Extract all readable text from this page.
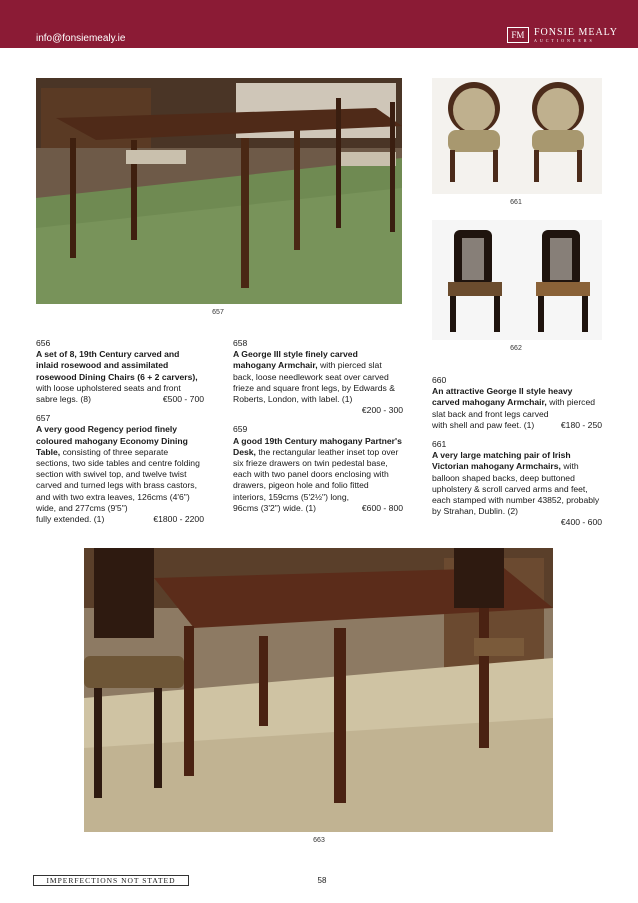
info@fonsiemealy.ie	FM FONSIE MEALY
AUCTIONEERS
657
661
662
656
A set of 8, 19th Century carved and inlaid rosewood and assimilated rosewood Dining Chairs (6 + 2 carvers), with loose upholstered seats and front
sabre legs. (8)	€500 - 700
657
A very good Regency period finely coloured mahogany Economy Dining Table, consisting of three separate sections, two side tables and centre folding section with swivel top, and twelve twist carved and turned legs with brass castors, and with two extra leaves, 126cms (4'6") wide, and 277cms (9'5")
fully extended. (1)	€1800 - 2200
658
A George III style finely carved mahogany Armchair, with pierced slat back, loose needlework seat over carved frieze and square front legs, by Edwards & Roberts, London, with label. (1)
€200 - 300
659
A good 19th Century mahogany Partner's Desk, the rectangular leather inset top over six frieze drawers on twin pedestal base, each with two panel doors enclosing with drawers, pigeon hole and folio fitted interiors, 159cms (5'2½") long,
96cms (3'2") wide. (1)	€600 - 800
660
An attractive George II style heavy carved mahogany Armchair, with pierced slat back and front legs carved
with shell and paw feet. (1)	€180 - 250
661
A very large matching pair of Irish Victorian mahogany Armchairs, with balloon shaped backs, deep buttoned upholstery & scroll carved arms and feet, each stamped with number 43852, probably by Strahan, Dublin. (2)
€400 - 600
663
IMPERFECTIONS NOT STATED	58
